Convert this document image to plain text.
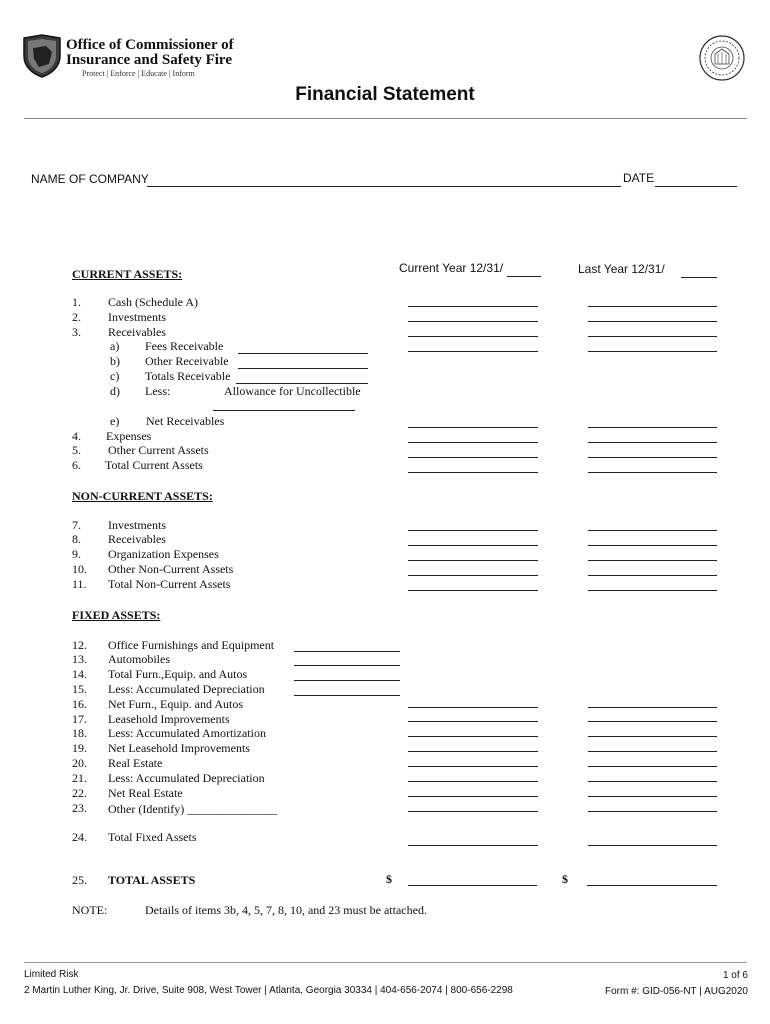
Office of Commissioner of
Insurance and Safety Fire
Protect | Enforce | Educate | Inform
Financial Statement
NAME OF COMPANY	DATE
Current Year 12/31/	Last Year 12/31/
CURRENT ASSETS:
1. Cash (Schedule A)
2. Investments
3. Receivables
a) Fees Receivable
b) Other Receivable
c) Totals Receivable
d) Less:	Allowance for Uncollectible
e) Net Receivables
4. Expenses
5. Other Current Assets
6. Total Current Assets
NON-CURRENT ASSETS:
7. Investments
8. Receivables
9. Organization Expenses
10. Other Non-Current Assets
11. Total Non-Current Assets
FIXED ASSETS:
12. Office Furnishings and Equipment
13. Automobiles
14. Total Furn.,Equip. and Autos
15. Less: Accumulated Depreciation
16. Net Furn., Equip. and Autos
17. Leasehold Improvements
18. Less: Accumulated Amortization
19. Net Leasehold Improvements
20. Real Estate
21. Less: Accumulated Depreciation
22. Net Real Estate
23. Other (Identify) _______________
24. Total Fixed Assets
25. TOTAL ASSETS	$	$
NOTE:	Details of items 3b, 4, 5, 7, 8, 10, and 23 must be attached.
Limited Risk
2 Martin Luther King, Jr. Drive, Suite 908, West Tower | Atlanta, Georgia 30334 | 404-656-2074 | 800-656-2298
1 of 6
Form #: GID-056-NT | AUG2020
